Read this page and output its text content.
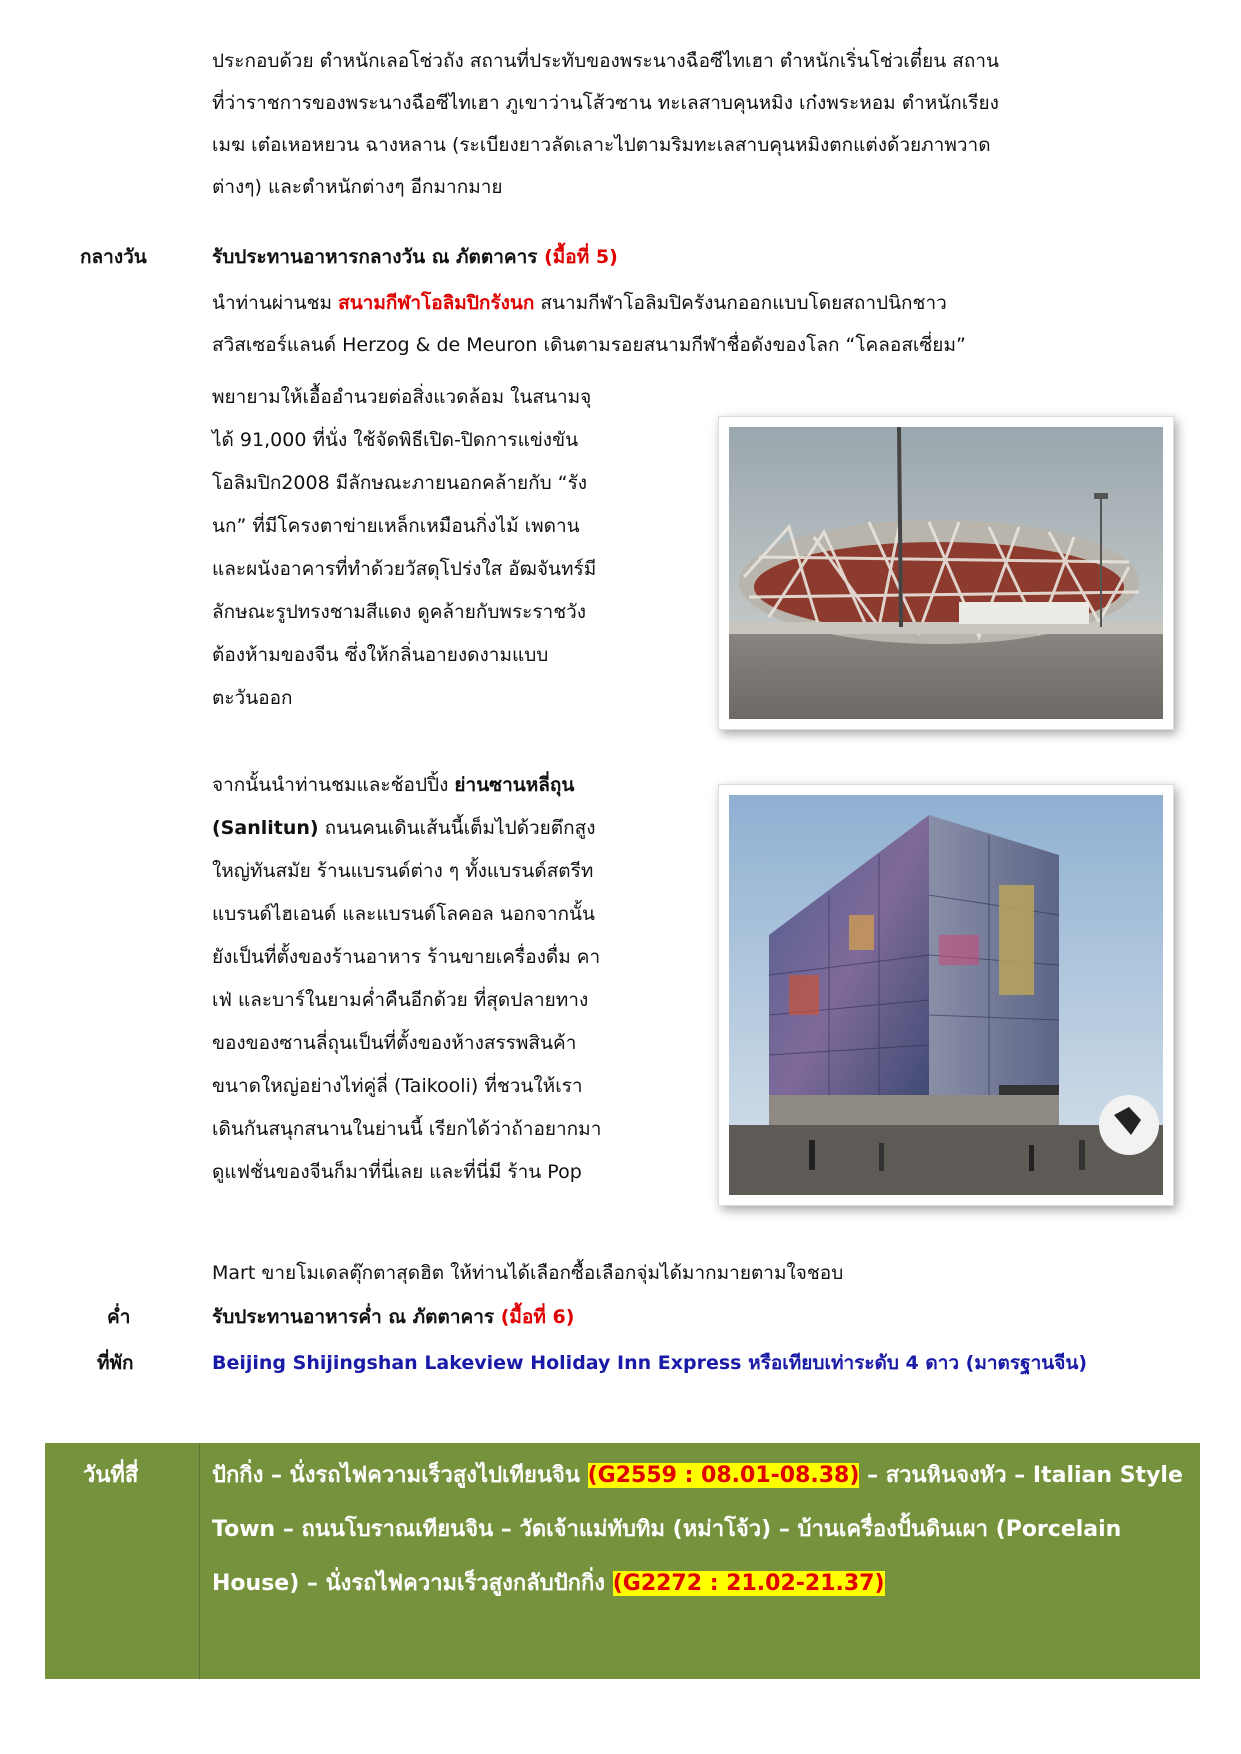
ประกอบด้วย ตำหนักเลอโช่วถัง สถานที่ประทับของพระนางฉือซีไทเฮา ตำหนักเริ่นโช่วเตี๋ยน สถาน
ที่ว่าราชการของพระนางฉือซีไทเฮา ภูเขาว่านโส้วซาน ทะเลสาบคุนหมิง เก๋งพระหอม ตำหนักเรียง
เมฆ เต๋อเหอหยวน ฉางหลาน (ระเบียงยาวลัดเลาะไปตามริมทะเลสาบคุนหมิงตกแต่งด้วยภาพวาด
ต่างๆ) และตำหนักต่างๆ อีกมากมาย
กลางวัน	รับประทานอาหารกลางวัน ณ ภัตตาคาร (มื้อที่ 5)
นำท่านผ่านชม สนามกีฬาโอลิมปิกรังนก สนามกีฬาโอลิมปิครังนกออกแบบโดยสถาปนิกชาว
สวิสเซอร์แลนด์ Herzog & de Meuron เดินตามรอยสนามกีฬาชื่อดังของโลก “โคลอสเซี่ยม”
พยายามให้เอื้ออำนวยต่อสิ่งแวดล้อม ในสนามจุ
ได้ 91,000 ที่นั่ง ใช้จัดพิธีเปิด-ปิดการแข่งขัน
โอลิมปิก2008 มีลักษณะภายนอกคล้ายกับ “รัง
นก” ที่มีโครงตาข่ายเหล็กเหมือนกิ่งไม้ เพดาน
และผนังอาคารที่ทำด้วยวัสดุโปร่งใส อัฒจันทร์มี
ลักษณะรูปทรงชามสีแดง ดูคล้ายกับพระราชวัง
ต้องห้ามของจีน ซึ่งให้กลิ่นอายงดงามแบบ
ตะวันออก
จากนั้นนำท่านชมและช้อปปิ้ง ย่านซานหลี่ถุน
(Sanlitun) ถนนคนเดินเส้นนี้เต็มไปด้วยตึกสูง
ใหญ่ทันสมัย ร้านแบรนด์ต่าง ๆ ทั้งแบรนด์สตรีท
แบรนด์ไฮเอนด์ และแบรนด์โลคอล นอกจากนั้น
ยังเป็นที่ตั้งของร้านอาหาร ร้านขายเครื่องดื่ม คา
เฟ่ และบาร์ในยามค่ำคืนอีกด้วย ที่สุดปลายทาง
ของของซานลี่ถุนเป็นที่ตั้งของห้างสรรพสินค้า
ขนาดใหญ่อย่างไท่คู่ลี่ (Taikooli) ที่ชวนให้เรา
เดินกันสนุกสนานในย่านนี้ เรียกได้ว่าถ้าอยากมา
ดูแฟชั่นของจีนก็มาที่นี่เลย และที่นี่มี ร้าน Pop
Mart ขายโมเดลตุ๊กตาสุดฮิต ให้ท่านได้เลือกซื้อเลือกจุ่มได้มากมายตามใจชอบ
ค่ำ	รับประทานอาหารค่ำ ณ ภัตตาคาร (มื้อที่ 6)
ที่พัก	Beijing Shijingshan Lakeview Holiday Inn Express หรือเทียบเท่าระดับ 4 ดาว (มาตรฐานจีน)
วันที่สี่	ปักกิ่ง – นั่งรถไฟความเร็วสูงไปเทียนจิน (G2559 : 08.01-08.38) – สวนหินจงหัว – Italian Style Town – ถนนโบราณเทียนจิน – วัดเจ้าแม่ทับทิม (หม่าโจ้ว) – บ้านเครื่องปั้นดินเผา (Porcelain House) – นั่งรถไฟความเร็วสูงกลับปักกิ่ง (G2272 : 21.02-21.37)
